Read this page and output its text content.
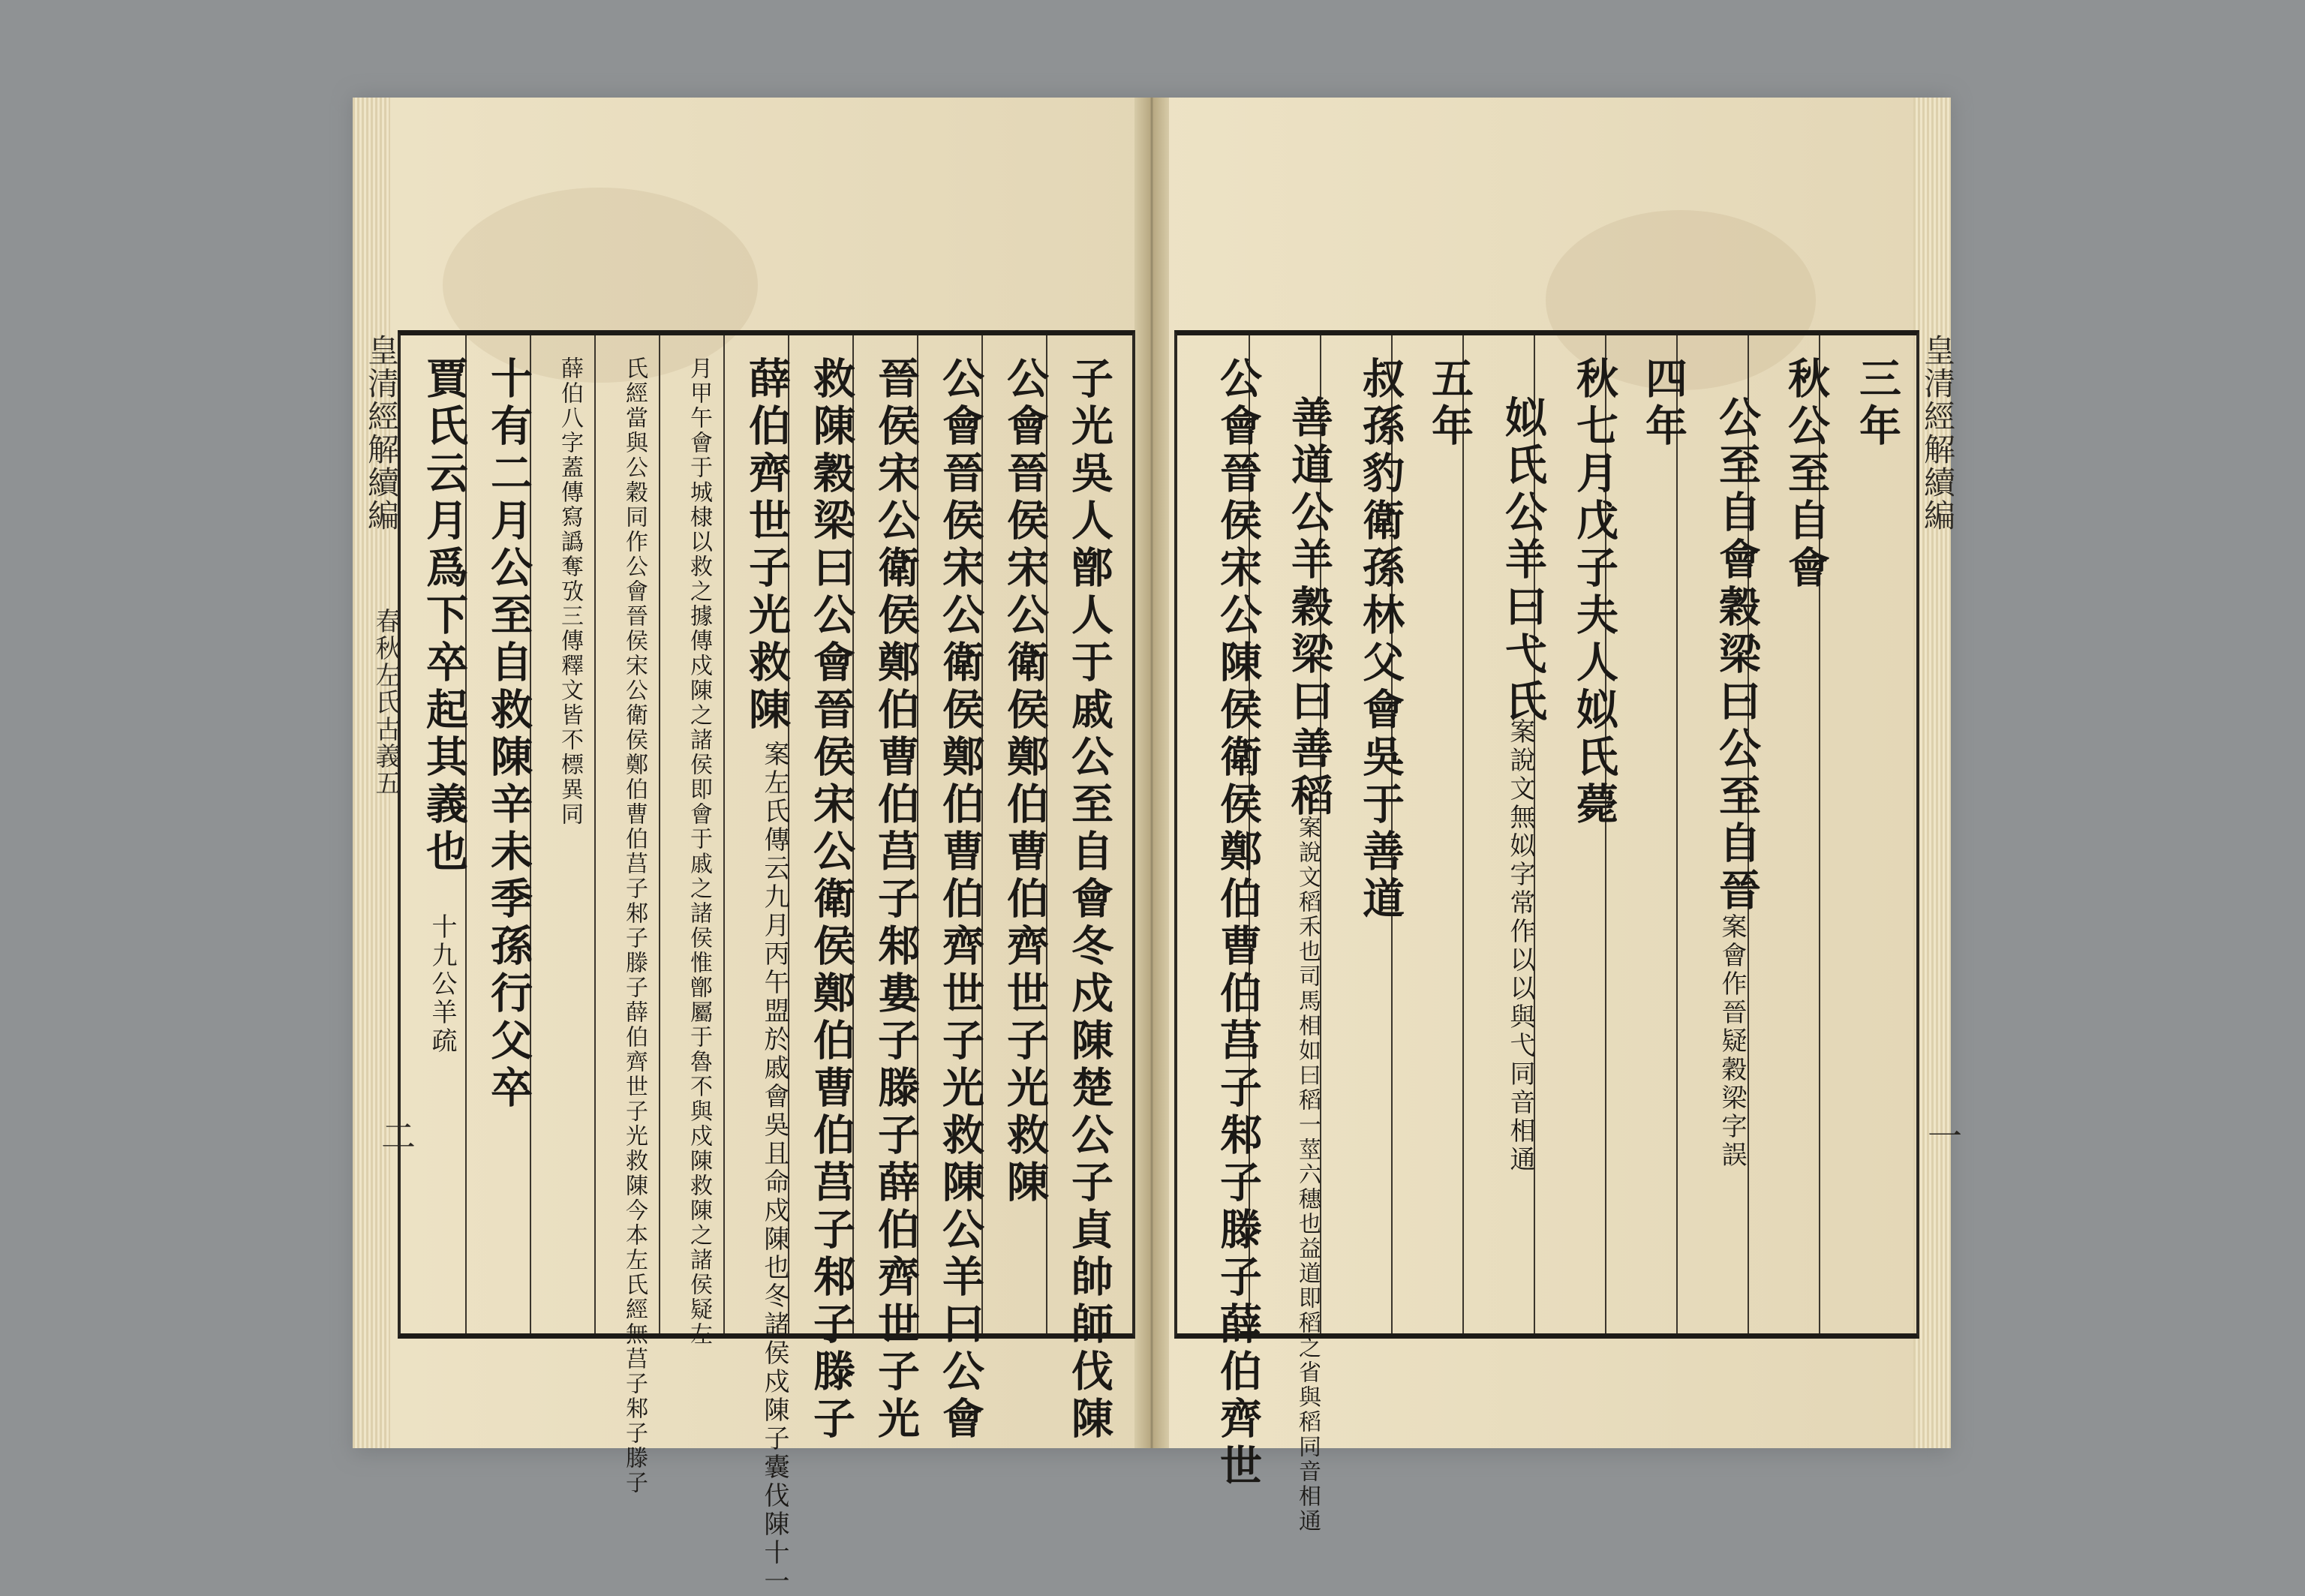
皇清經解續編
春秋左氏古義五
二
皇清經解續編
一
子光吳人鄫人于戚公至自會冬戍陳楚公子貞帥師伐陳
公會晉侯宋公衛侯鄭伯曹伯齊世子光救陳
公會晉侯宋公衛侯鄭伯曹伯齊世子光救陳公羊曰公會
晉侯宋公衛侯鄭伯曹伯莒子邾婁子滕子薛伯齊世子光
救陳穀梁曰公會晉侯宋公衛侯鄭伯曹伯莒子邾子滕子
薛伯齊世子光救陳
案左氏傳云九月丙午盟於戚會吳且命戍陳也冬諸侯戍陳子囊伐陳十一
月甲午會于城棣以救之據傳戍陳之諸侯即會于戚之諸侯惟鄫屬于魯不與戍陳救陳之諸侯疑左
氏經當與公穀同作公會晉侯宋公衛侯鄭伯曹伯莒子邾子滕子薛伯齊世子光救陳今本左氏經無莒子邾子滕子
薛伯八字蓋傳寫譌奪攷三傳釋文皆不標異同
十有二月公至自救陳辛未季孫行父卒
賈氏云月爲下卒起其義也
十九公羊疏
三年
秋公至自會
公至自會穀梁曰公至自晉
案會作晉疑穀梁字誤
四年
秋七月戊子夫人姒氏薨
姒氏公羊曰弋氏
案說文無姒字常作以以與弋同音相通
五年
叔孫豹衛孫林父會吳于善道
善道公羊穀梁曰善稻
案說文稻禾也司馬相如曰稻一莖六穗也益道即稻之省與稻同音相通
公會晉侯宋公陳侯衛侯鄭伯曹伯莒子邾子滕子薛伯齊世
